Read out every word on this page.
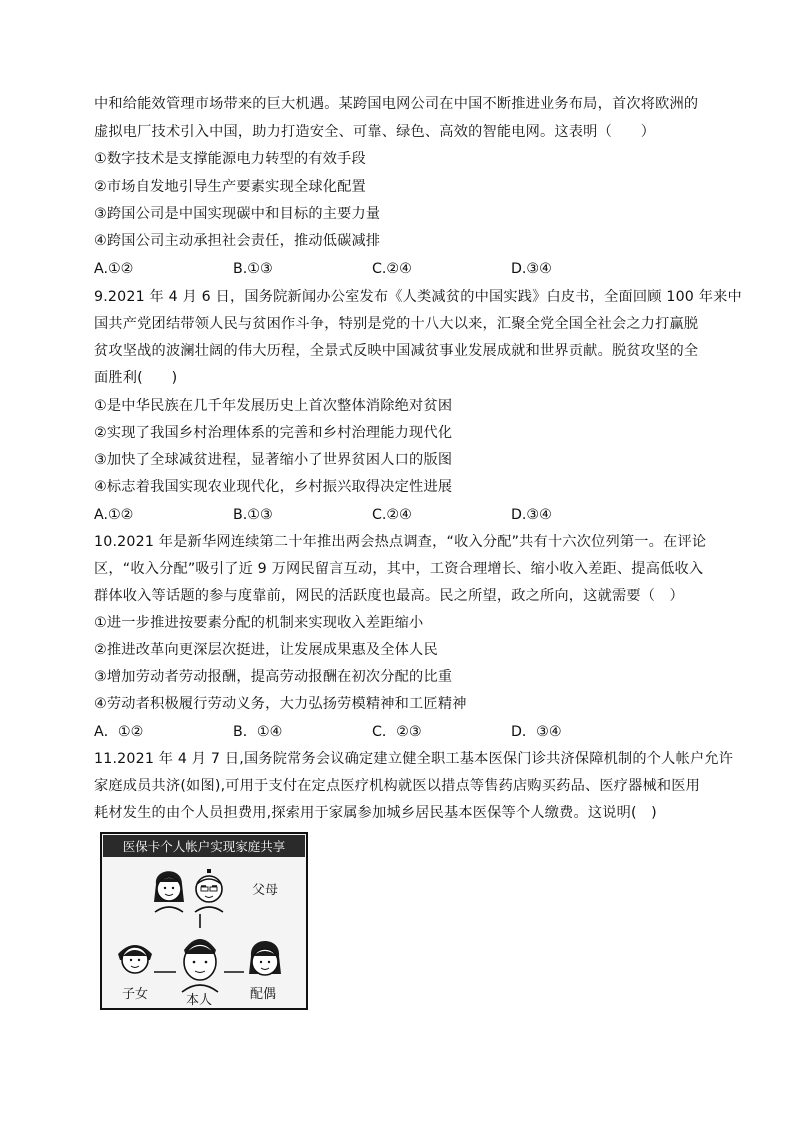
中和给能效管理市场带来的巨大机遇。某跨国电网公司在中国不断推进业务布局，首次将欧洲的
虚拟电厂技术引入中国，助力打造安全、可靠、绿色、高效的智能电网。这表明（　　）
①数字技术是支撑能源电力转型的有效手段
②市场自发地引导生产要素实现全球化配置
③跨国公司是中国实现碳中和目标的主要力量
④跨国公司主动承担社会责任，推动低碳减排
A.①②	B.①③	C.②④	D.③④
9.2021 年 4 月 6 日，国务院新闻办公室发布《人类减贫的中国实践》白皮书，全面回顾 100 年来中
国共产党团结带领人民与贫困作斗争，特别是党的十八大以来，汇聚全党全国全社会之力打赢脱
贫攻坚战的波澜壮阔的伟大历程，全景式反映中国减贫事业发展成就和世界贡献。脱贫攻坚的全
面胜利(　　)
①是中华民族在几千年发展历史上首次整体消除绝对贫困
②实现了我国乡村治理体系的完善和乡村治理能力现代化
③加快了全球减贫进程，显著缩小了世界贫困人口的版图
④标志着我国实现农业现代化，乡村振兴取得决定性进展
A.①②	B.①③	C.②④	D.③④
10.2021 年是新华网连续第二十年推出两会热点调查，“收入分配”共有十六次位列第一。在评论
区，“收入分配”吸引了近 9 万网民留言互动，其中，工资合理增长、缩小收入差距、提高低收入
群体收入等话题的参与度靠前，网民的活跃度也最高。民之所望，政之所向，这就需要（　）
①进一步推进按要素分配的机制来实现收入差距缩小
②推进改革向更深层次挺进，让发展成果惠及全体人民
③增加劳动者劳动报酬，提高劳动报酬在初次分配的比重
④劳动者积极履行劳动义务，大力弘扬劳模精神和工匠精神
A．①②	B．①④	C．②③	D．③④
11.2021 年 4 月 7 日,国务院常务会议确定建立健全职工基本医保门诊共济保障机制的个人帐户允许
家庭成员共济(如图),可用于支付在定点医疗机构就医以措点等售药店购买药品、医疗器械和医用
耗材发生的由个人员担费用,探索用于家属参加城乡居民基本医保等个人缴费。这说明(　)
医保卡个人帐户实现家庭共享
父母
子女	本人	配偶
